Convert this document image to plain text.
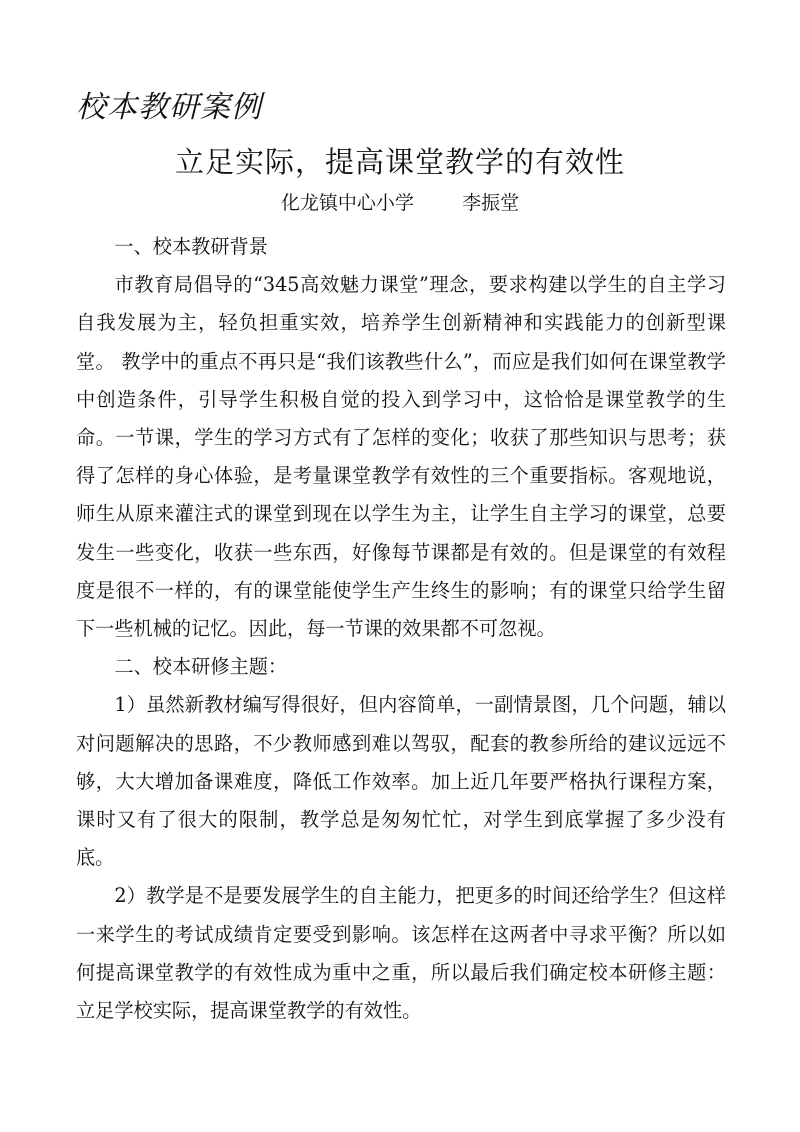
校本教研案例
立足实际，提高课堂教学的有效性
化龙镇中心小学        李振堂

一、校本教研背景

市教育局倡导的“345高效魅力课堂”理念，要求构建以学生的自主学习自我发展为主，轻负担重实效，培养学生创新精神和实践能力的创新型课堂。 教学中的重点不再只是“我们该教些什么”，而应是我们如何在课堂教学中创造条件，引导学生积极自觉的投入到学习中，这恰恰是课堂教学的生命。一节课，学生的学习方式有了怎样的变化；收获了那些知识与思考；获得了怎样的身心体验，是考量课堂教学有效性的三个重要指标。客观地说，师生从原来灌注式的课堂到现在以学生为主，让学生自主学习的课堂，总要发生一些变化，收获一些东西，好像每节课都是有效的。但是课堂的有效程度是很不一样的，有的课堂能使学生产生终生的影响；有的课堂只给学生留下一些机械的记忆。因此，每一节课的效果都不可忽视。

二、校本研修主题：

1）虽然新教材编写得很好，但内容简单，一副情景图，几个问题，辅以对问题解决的思路，不少教师感到难以驾驭，配套的教参所给的建议远远不够，大大增加备课难度，降低工作效率。加上近几年要严格执行课程方案，课时又有了很大的限制，教学总是匆匆忙忙，对学生到底掌握了多少没有底。

2）教学是不是要发展学生的自主能力，把更多的时间还给学生？但这样一来学生的考试成绩肯定要受到影响。该怎样在这两者中寻求平衡？所以如何提高课堂教学的有效性成为重中之重，所以最后我们确定校本研修主题：立足学校实际，提高课堂教学的有效性。
